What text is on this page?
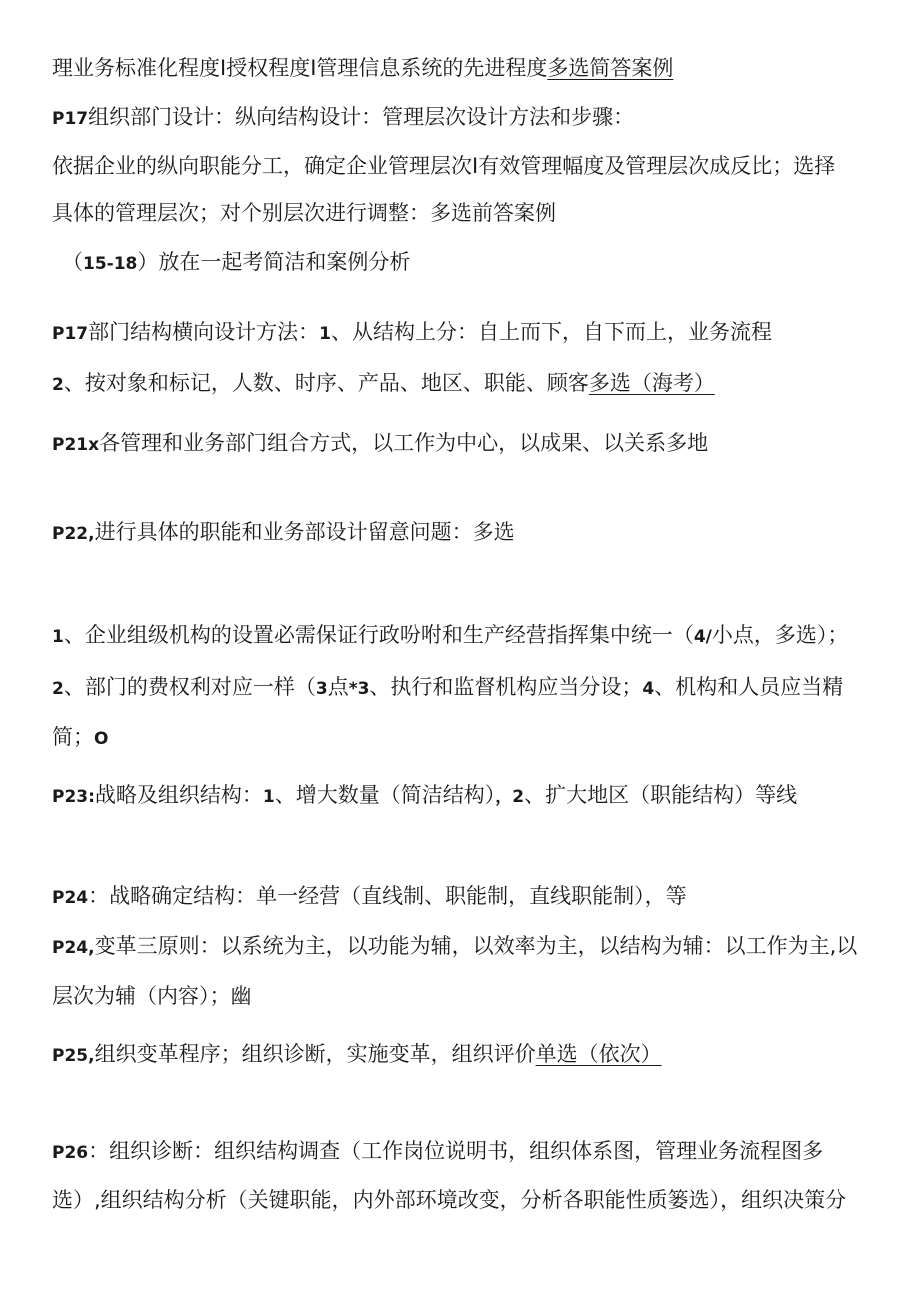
理业务标准化程度I授权程度I管理信息系统的先进程度多选简答案例
P17组织部门设计：纵向结构设计：管理层次设计方法和步骤：
依据企业的纵向职能分工，确定企业管理层次I有效管理幅度及管理层次成反比；选择
具体的管理层次；对个别层次进行调整：多选前答案例
（15-18）放在一起考简洁和案例分析
P17部门结构横向设计方法：1、从结构上分：自上而下，自下而上，业务流程
2、按对象和标记，人数、时序、产品、地区、职能、顾客多选（海考）
P21x各管理和业务部门组合方式，以工作为中心，以成果、以关系多地
P22,进行具体的职能和业务部设计留意问题：多选
1、企业组级机构的设置必需保证行政吩咐和生产经营指挥集中统一（4/小点，多选）；
2、部门的费权利对应一样（3点*3、执行和监督机构应当分设；4、机构和人员应当精
简；O
P23:战略及组织结构：1、增大数量（简洁结构），2、扩大地区（职能结构）等线
P24：战略确定结构：单一经营（直线制、职能制，直线职能制），等
P24,变革三原则：以系统为主，以功能为辅，以效率为主，以结构为辅：以工作为主,以
层次为辅（内容）；幽
P25,组织变革程序；组织诊断，实施变革，组织评价单选（依次）
P26：组织诊断：组织结构调查（工作岗位说明书，组织体系图，管理业务流程图多
选）,组织结构分析（关键职能，内外部环境改变，分析各职能性质篓选），组织决策分
